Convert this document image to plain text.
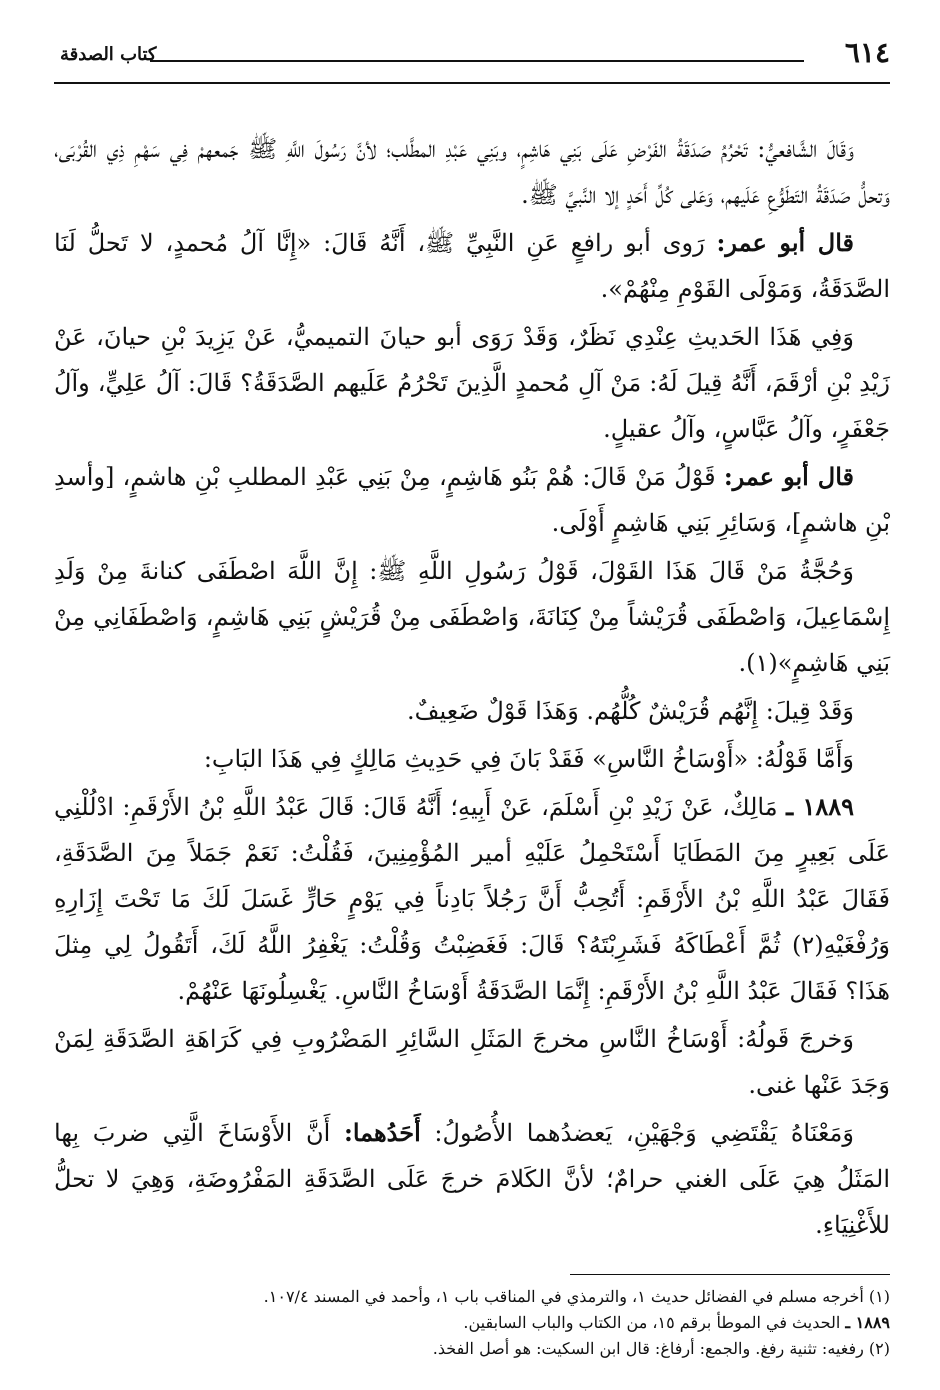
٦١٤
كتاب الصدقة

وَقَالَ الشَّافعيُّ: تَحْرُمُ صَدَقَةُ الفَرْضِ عَلَى بَنِي هَاشِمٍ، وبَنِي عَبْدِ المطَّلب؛ لأنَّ رَسُولَ اللَّهِ ﷺ جَمعهمْ فِي سَهْمِ ذِي القُرْبَى، وَتحلُّ صَدَقَةُ التَطَوُّعِ عَلَيهم، وَعَلى كُلِّ أَحَدٍ إلا النَّبيَّ ﷺ.

قال أبو عمر: رَوى أبو رافعٍ عَنِ النَّبِيِّ ﷺ، أَنَّهُ قَالَ: «إِنَّا آلُ مُحمدٍ، لا تَحلُّ لَنَا الصَّدَقَةُ، وَمَوْلَى القَوْمِ مِنْهُمْ».

وَفِي هَذَا الحَديثِ عِنْدِي نَظَرٌ، وَقَدْ رَوَى أبو حيانَ التميميُّ، عَنْ يَزِيدَ بْنِ حيانَ، عَنْ زَيْدِ بْنِ أرْقَمَ، أَنَّهُ قِيلَ لَهُ: مَنْ آلِ مُحمدٍ الَّذِينَ تَحْرُمُ عَلَيهم الصَّدَقَةُ؟ قَالَ: آلُ عَلِيٍّ، وآلُ جَعْفَرٍ، وآلُ عَبَّاسٍ، وآلُ عقيلٍ.

قال أبو عمر: قَوْلُ مَنْ قَالَ: هُمْ بَنُو هَاشِمٍ، مِنْ بَنِي عَبْدِ المطلبِ بْنِ هاشمٍ، [وأسدِ بْنِ هاشمٍ]، وَسَائِرِ بَنِي هَاشِمٍ أَوْلَى.

وَحُجَّةُ مَنْ قَالَ هَذَا القَوْلَ، قَوْلُ رَسُولِ اللَّهِ ﷺ: إِنَّ اللَّهَ اصْطَفَى كنانةَ مِنْ وَلَدِ إِسْمَاعِيلَ، وَاصْطَفَى قُرَيْشاً مِنْ كِنَانَةَ، وَاصْطَفَى مِنْ قُرَيْشٍ بَنِي هَاشِمٍ، وَاصْطَفَانِي مِنْ بَنِي هَاشِمٍ»(١).

وَقَدْ قِيلَ: إِنَّهُم قُرَيْشٌ كُلُّهُم. وَهَذَا قَوْلٌ ضَعِيفٌ.

وَأَمَّا قَوْلُهُ: «أَوْسَاخُ النَّاسِ» فَقَدْ بَانَ فِي حَدِيثِ مَالِكٍ فِي هَذَا البَابِ:

١٨٨٩ ـ مَالِكٌ، عَنْ زَيْدِ بْنِ أَسْلَمَ، عَنْ أَبِيهِ؛ أَنَّهُ قَالَ: قَالَ عَبْدُ اللَّهِ بْنُ الأَرْقَمِ: ادْلُلْنِي عَلَى بَعِيرٍ مِنَ المَطَايَا أَسْتَحْمِلُ عَلَيْهِ أمير المُؤْمِنِينَ، فَقُلْتُ: نَعَمْ جَمَلاً مِنَ الصَّدَقَةِ، فَقَالَ عَبْدُ اللَّهِ بْنُ الأَرْقَمِ: أَتُحِبُّ أَنَّ رَجُلاً بَادِناً فِي يَوْمٍ حَارٍّ غَسَلَ لَكَ مَا تَحْتَ إِزَارِهِ وَرُفْغَيْهِ(٢) ثُمَّ أَعْطَاكَهُ فَشَرِبْتَهُ؟ قَالَ: فَغَضِبْتُ وَقُلْتُ: يَغْفِرُ اللَّهُ لَكَ، أَتَقُولُ لِي مِثلَ هَذَا؟ فَقَالَ عَبْدُ اللَّهِ بْنُ الأَرْقَمِ: إِنَّمَا الصَّدَقَةُ أَوْسَاخُ النَّاسِ. يَغْسِلُونَهَا عَنْهُمْ.

وَخرجَ قَولُهُ: أَوْسَاخُ النَّاسِ مخرجَ المَثَلِ السَّائِرِ المَضْرُوبِ فِي كَرَاهَةِ الصَّدَقَةِ لِمَنْ وَجَدَ عَنْها غنى.

وَمَعْنَاهُ يَقْتَضِي وَجْهَيْنِ، يَعضدُهما الأُصُولُ: أَحَدُهما: أَنَّ الأَوْسَاخَ الَّتِي ضربَ بِها المَثَلُ هِيَ عَلَى الغني حرامٌ؛ لأنَّ الكَلامَ خرجَ عَلَى الصَّدَقَةِ المَفْرُوضَةِ، وَهِيَ لا تحلُّ للأَغْنِيَاءِ.

(١) أخرجه مسلم في الفضائل حديث ١، والترمذي في المناقب باب ١، وأحمد في المسند ١٠٧/٤.

١٨٨٩ ـ الحديث في الموطأ برقم ١٥، من الكتاب والباب السابقين.

(٢) رفغيه: تثنية رفغ. والجمع: أرفاغ: قال ابن السكيت: هو أصل الفخذ.
